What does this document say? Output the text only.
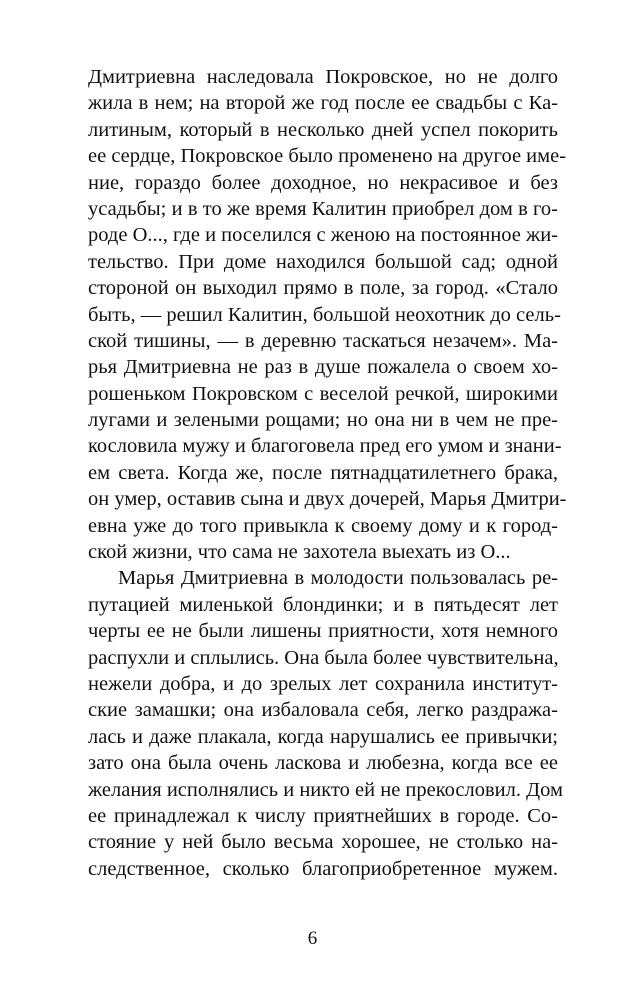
Дмитриевна наследовала Покровское, но не долго
жила в нем; на второй же год после ее свадьбы с Ка-
литиным, который в несколько дней успел покорить
ее сердце, Покровское было променено на другое име-
ние, гораздо более доходное, но некрасивое и без
усадьбы; и в то же время Калитин приобрел дом в го-
роде О..., где и поселился с женою на постоянное жи-
тельство. При доме находился большой сад; одной
стороной он выходил прямо в поле, за город. «Стало
быть, — решил Калитин, большой неохотник до сель-
ской тишины, — в деревню таскаться незачем». Ма-
рья Дмитриевна не раз в душе пожалела о своем хо-
рошеньком Покровском с веселой речкой, широкими
лугами и зелеными рощами; но она ни в чем не пре-
кословила мужу и благоговела пред его умом и знани-
ем света. Когда же, после пятнадцатилетнего брака,
он умер, оставив сына и двух дочерей, Марья Дмитри-
евна уже до того привыкла к своему дому и к город-
ской жизни, что сама не захотела выехать из О...
Марья Дмитриевна в молодости пользовалась ре-
путацией миленькой блондинки; и в пятьдесят лет
черты ее не были лишены приятности, хотя немного
распухли и сплылись. Она была более чувствительна,
нежели добра, и до зрелых лет сохранила институт-
ские замашки; она избаловала себя, легко раздража-
лась и даже плакала, когда нарушались ее привычки;
зато она была очень ласкова и любезна, когда все ее
желания исполнялись и никто ей не прекословил. Дом
ее принадлежал к числу приятнейших в городе. Со-
стояние у ней было весьма хорошее, не столько на-
следственное, сколько благоприобретенное мужем.
6
